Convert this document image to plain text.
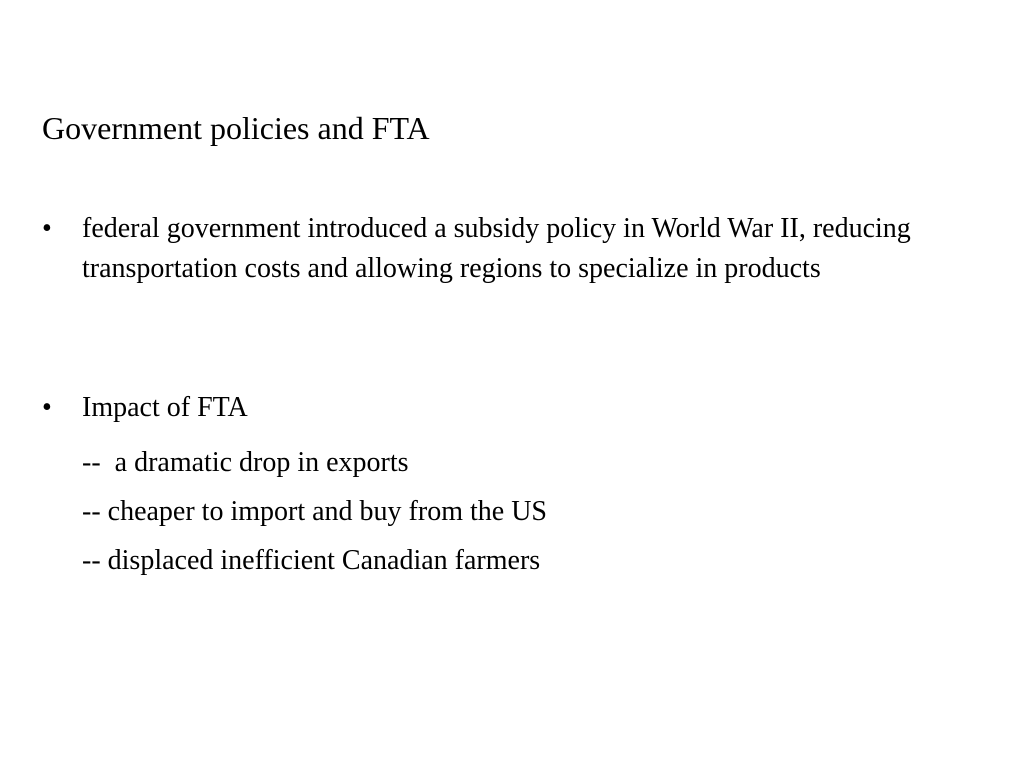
Government policies and FTA
•	federal government introduced a subsidy policy in World War II, reducing transportation costs and allowing regions to specialize in products
•	Impact of FTA
--  a dramatic drop in exports
-- cheaper to import and buy from the US
-- displaced inefficient Canadian farmers
